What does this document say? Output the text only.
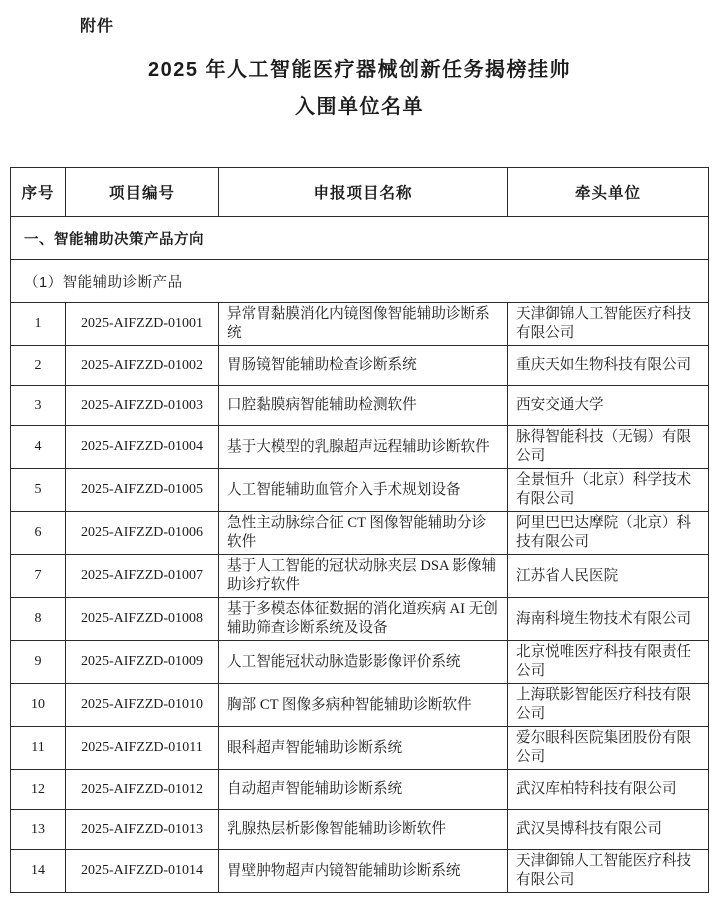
附件
2025 年人工智能医疗器械创新任务揭榜挂帅
入围单位名单
序号	项目编号	申报项目名称	牵头单位
一、智能辅助决策产品方向			
（1）智能辅助诊断产品			
1	2025-AIFZZD-01001	异常胃黏膜消化内镜图像智能辅助诊断系统	天津御锦人工智能医疗科技有限公司
2	2025-AIFZZD-01002	胃肠镜智能辅助检查诊断系统	重庆天如生物科技有限公司
3	2025-AIFZZD-01003	口腔黏膜病智能辅助检测软件	西安交通大学
4	2025-AIFZZD-01004	基于大模型的乳腺超声远程辅助诊断软件	脉得智能科技（无锡）有限公司
5	2025-AIFZZD-01005	人工智能辅助血管介入手术规划设备	全景恒升（北京）科学技术有限公司
6	2025-AIFZZD-01006	急性主动脉综合征 CT 图像智能辅助分诊软件	阿里巴巴达摩院（北京）科技有限公司
7	2025-AIFZZD-01007	基于人工智能的冠状动脉夹层 DSA 影像辅助诊疗软件	江苏省人民医院
8	2025-AIFZZD-01008	基于多模态体征数据的消化道疾病 AI 无创辅助筛查诊断系统及设备	海南科境生物技术有限公司
9	2025-AIFZZD-01009	人工智能冠状动脉造影影像评价系统	北京悦唯医疗科技有限责任公司
10	2025-AIFZZD-01010	胸部 CT 图像多病种智能辅助诊断软件	上海联影智能医疗科技有限公司
11	2025-AIFZZD-01011	眼科超声智能辅助诊断系统	爱尔眼科医院集团股份有限公司
12	2025-AIFZZD-01012	自动超声智能辅助诊断系统	武汉库柏特科技有限公司
13	2025-AIFZZD-01013	乳腺热层析影像智能辅助诊断软件	武汉昊博科技有限公司
14	2025-AIFZZD-01014	胃壁肿物超声内镜智能辅助诊断系统	天津御锦人工智能医疗科技有限公司
